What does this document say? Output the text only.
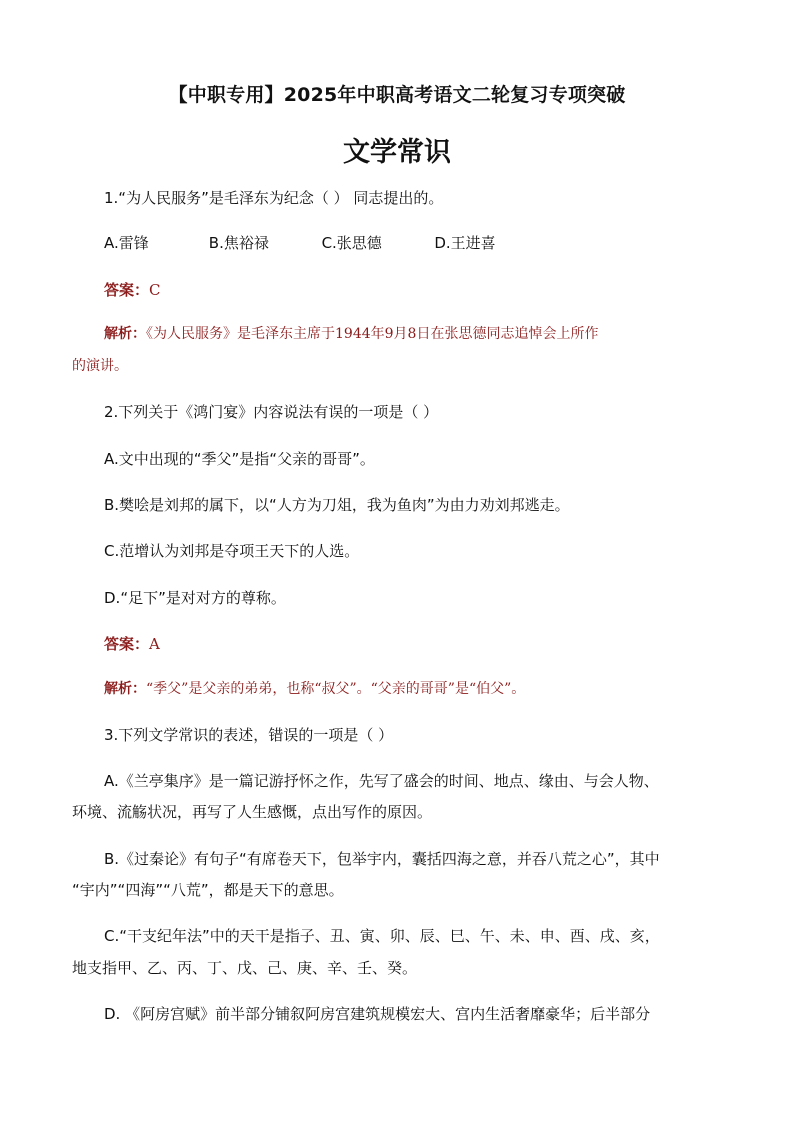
【中职专用】2025年中职高考语文二轮复习专项突破
文学常识
1.“为人民服务”是毛泽东为纪念（ ） 同志提出的。
A.雷锋	B.焦裕禄	C.张思德	D.王进喜
答案：C
解析：《为人民服务》是毛泽东主席于1944年9月8日在张思德同志追悼会上所作
的演讲。
2.下列关于《鸿门宴》内容说法有误的一项是（ ）
A.文中出现的“季父”是指“父亲的哥哥”。
B.樊哙是刘邦的属下，以“人方为刀俎，我为鱼肉”为由力劝刘邦逃走。
C.范增认为刘邦是夺项王天下的人选。
D.“足下”是对对方的尊称。
答案：A
解析：“季父”是父亲的弟弟，也称“叔父”。“父亲的哥哥”是“伯父”。
3.下列文学常识的表述，错误的一项是（ ）
A.《兰亭集序》是一篇记游抒怀之作，先写了盛会的时间、地点、缘由、与会人物、
环境、流觞状况，再写了人生感慨，点出写作的原因。
B.《过秦论》有句子“有席卷天下，包举宇内，囊括四海之意，并吞八荒之心”，其中
“宇内”“四海”“八荒”，都是天下的意思。
C.“干支纪年法”中的天干是指子、丑、寅、卯、辰、巳、午、未、申、酉、戌、亥，
地支指甲、乙、丙、丁、戊、己、庚、辛、壬、癸。
D. 《阿房宫赋》前半部分铺叙阿房宫建筑规模宏大、宫内生活奢靡豪华；后半部分
